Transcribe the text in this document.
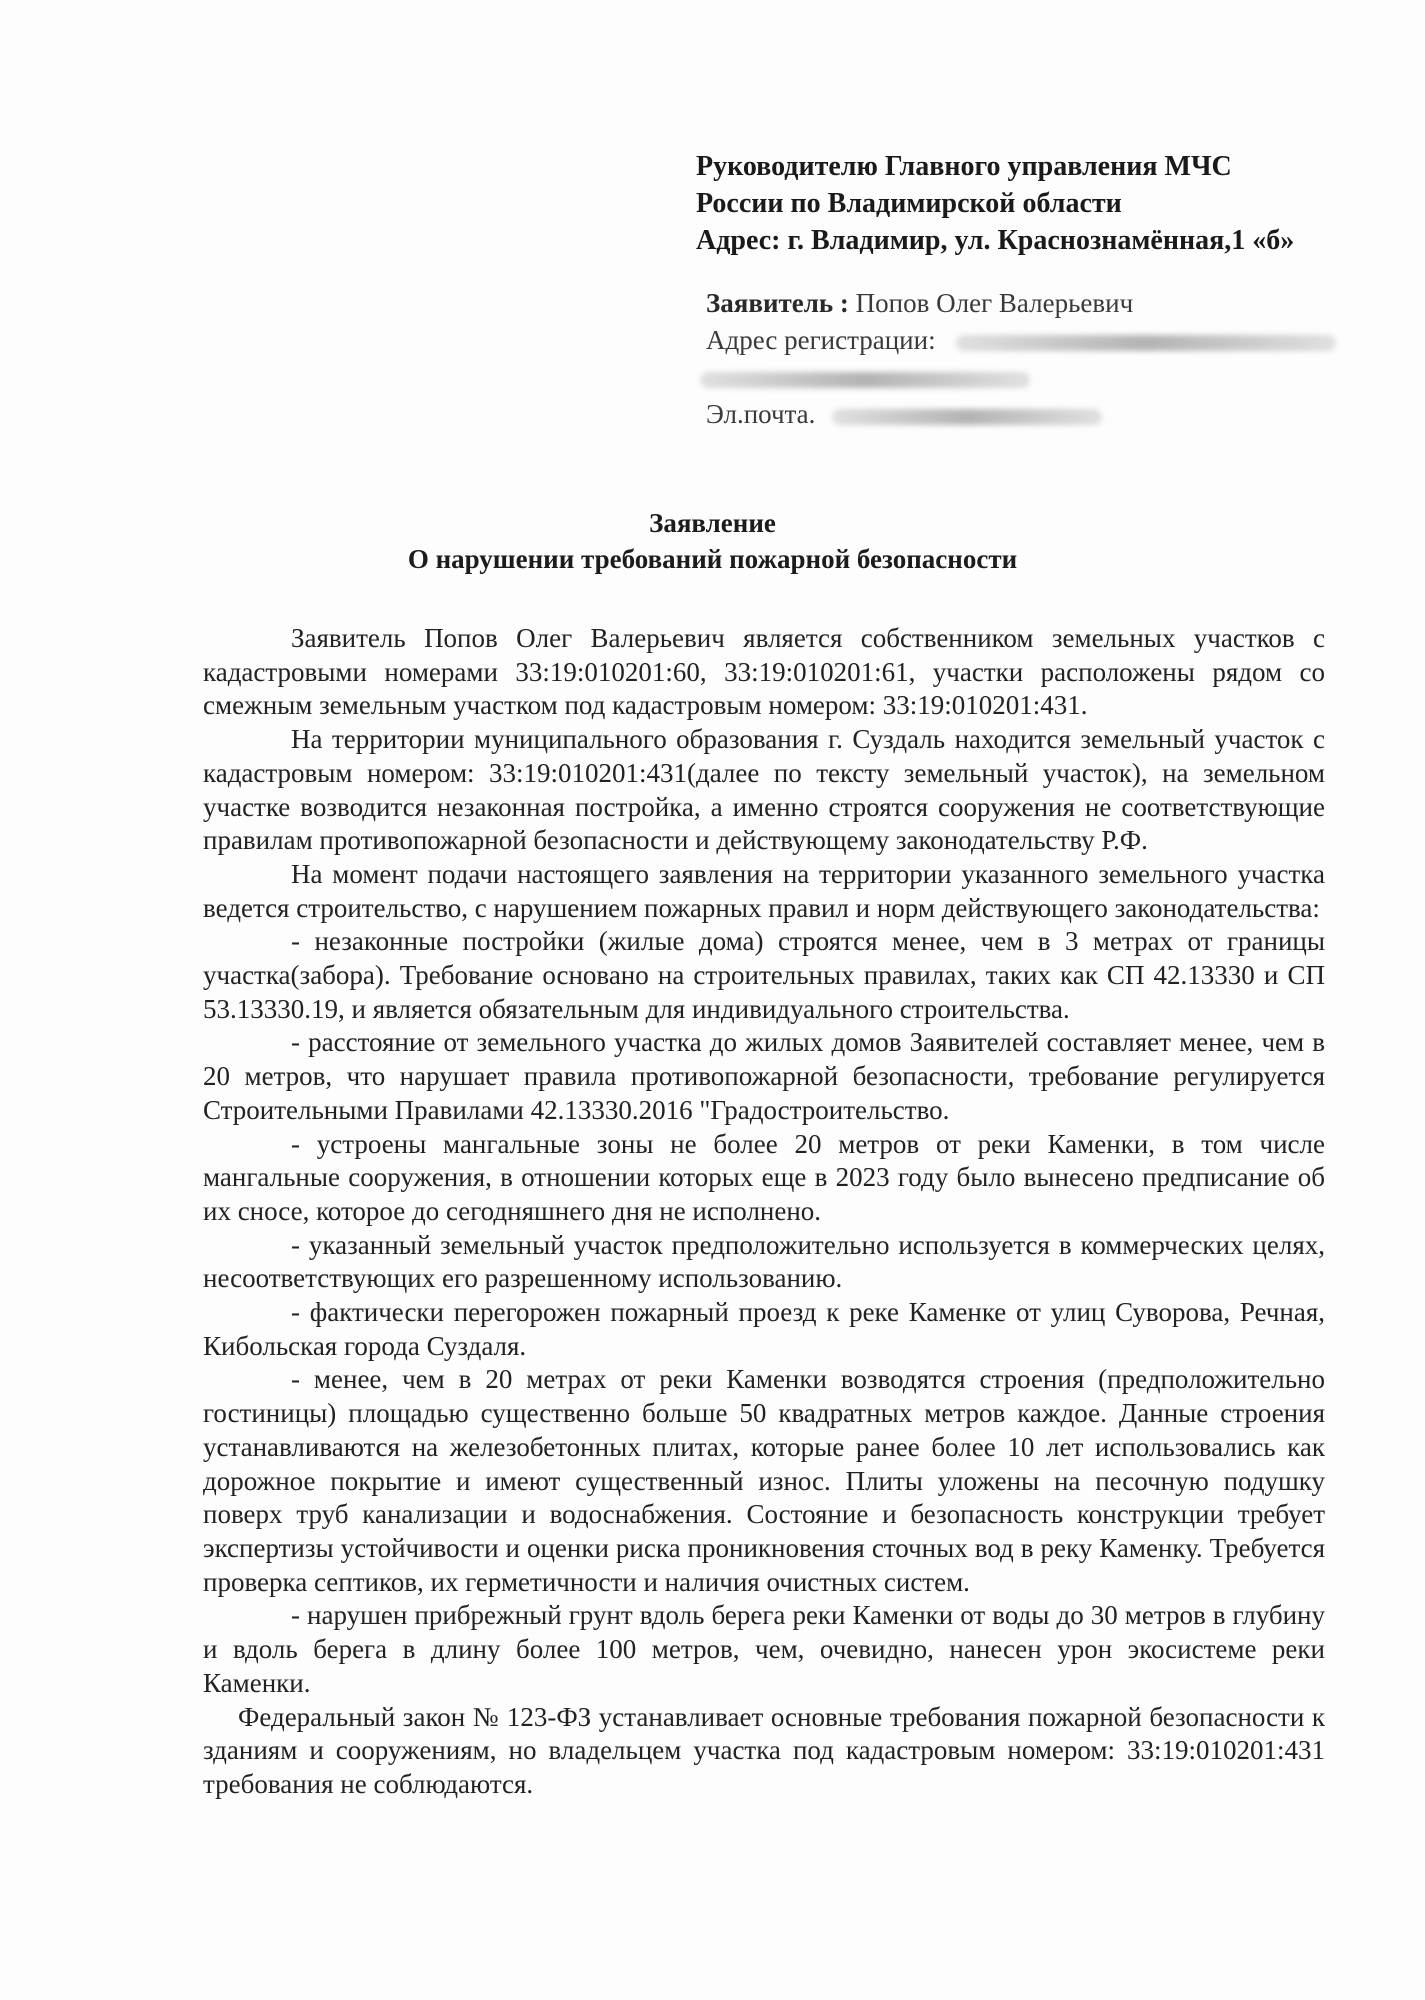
Руководителю Главного управления МЧС
России по Владимирской области
Адрес: г. Владимир, ул. Краснознамённая,1 «б»
Заявитель : Попов Олег Валерьевич
Адрес регистрации:
Эл.почта.
Заявление
О нарушении требований пожарной безопасности

Заявитель Попов Олег Валерьевич является собственником земельных участков с кадастровыми номерами 33:19:010201:60, 33:19:010201:61, участки расположены рядом со смежным земельным участком под кадастровым номером: 33:19:010201:431.

На территории муниципального образования г. Суздаль находится земельный участок с кадастровым номером: 33:19:010201:431(далее по тексту земельный участок), на земельном участке возводится незаконная постройка, а именно строятся сооружения не соответствующие правилам противопожарной безопасности и действующему законодательству Р.Ф.

На момент подачи настоящего заявления на территории указанного земельного участка ведется строительство, с нарушением пожарных правил и норм действующего законодательства:

- незаконные постройки (жилые дома) строятся менее, чем в 3 метрах от границы участка(забора). Требование основано на строительных правилах, таких как СП 42.13330 и СП 53.13330.19, и является обязательным для индивидуального строительства.

- расстояние от земельного участка до жилых домов Заявителей составляет менее, чем в 20 метров, что нарушает правила противопожарной безопасности, требование регулируется Строительными Правилами 42.13330.2016 "Градостроительство.

- устроены мангальные зоны не более 20 метров от реки Каменки, в том числе мангальные сооружения, в отношении которых еще в 2023 году было вынесено предписание об их сносе, которое до сегодняшнего дня не исполнено.

- указанный земельный участок предположительно используется в коммерческих целях, несоответствующих его разрешенному использованию.

- фактически перегорожен пожарный проезд к реке Каменке от улиц Суворова, Речная, Кибольская города Суздаля.

- менее, чем в 20 метрах от реки Каменки возводятся строения (предположительно гостиницы) площадью существенно больше 50 квадратных метров каждое. Данные строения устанавливаются на железобетонных плитах, которые ранее более 10 лет использовались как дорожное покрытие и имеют существенный износ. Плиты уложены на песочную подушку поверх труб канализации и водоснабжения. Состояние и безопасность конструкции требует экспертизы устойчивости и оценки риска проникновения сточных вод в реку Каменку. Требуется проверка септиков, их герметичности и наличия очистных систем.

- нарушен прибрежный грунт вдоль берега реки Каменки от воды до 30 метров в глубину и вдоль берега в длину более 100 метров, чем, очевидно, нанесен урон экосистеме реки Каменки.

Федеральный закон № 123-ФЗ устанавливает основные требования пожарной безопасности к зданиям и сооружениям, но владельцем участка под кадастровым номером: 33:19:010201:431 требования не соблюдаются.
